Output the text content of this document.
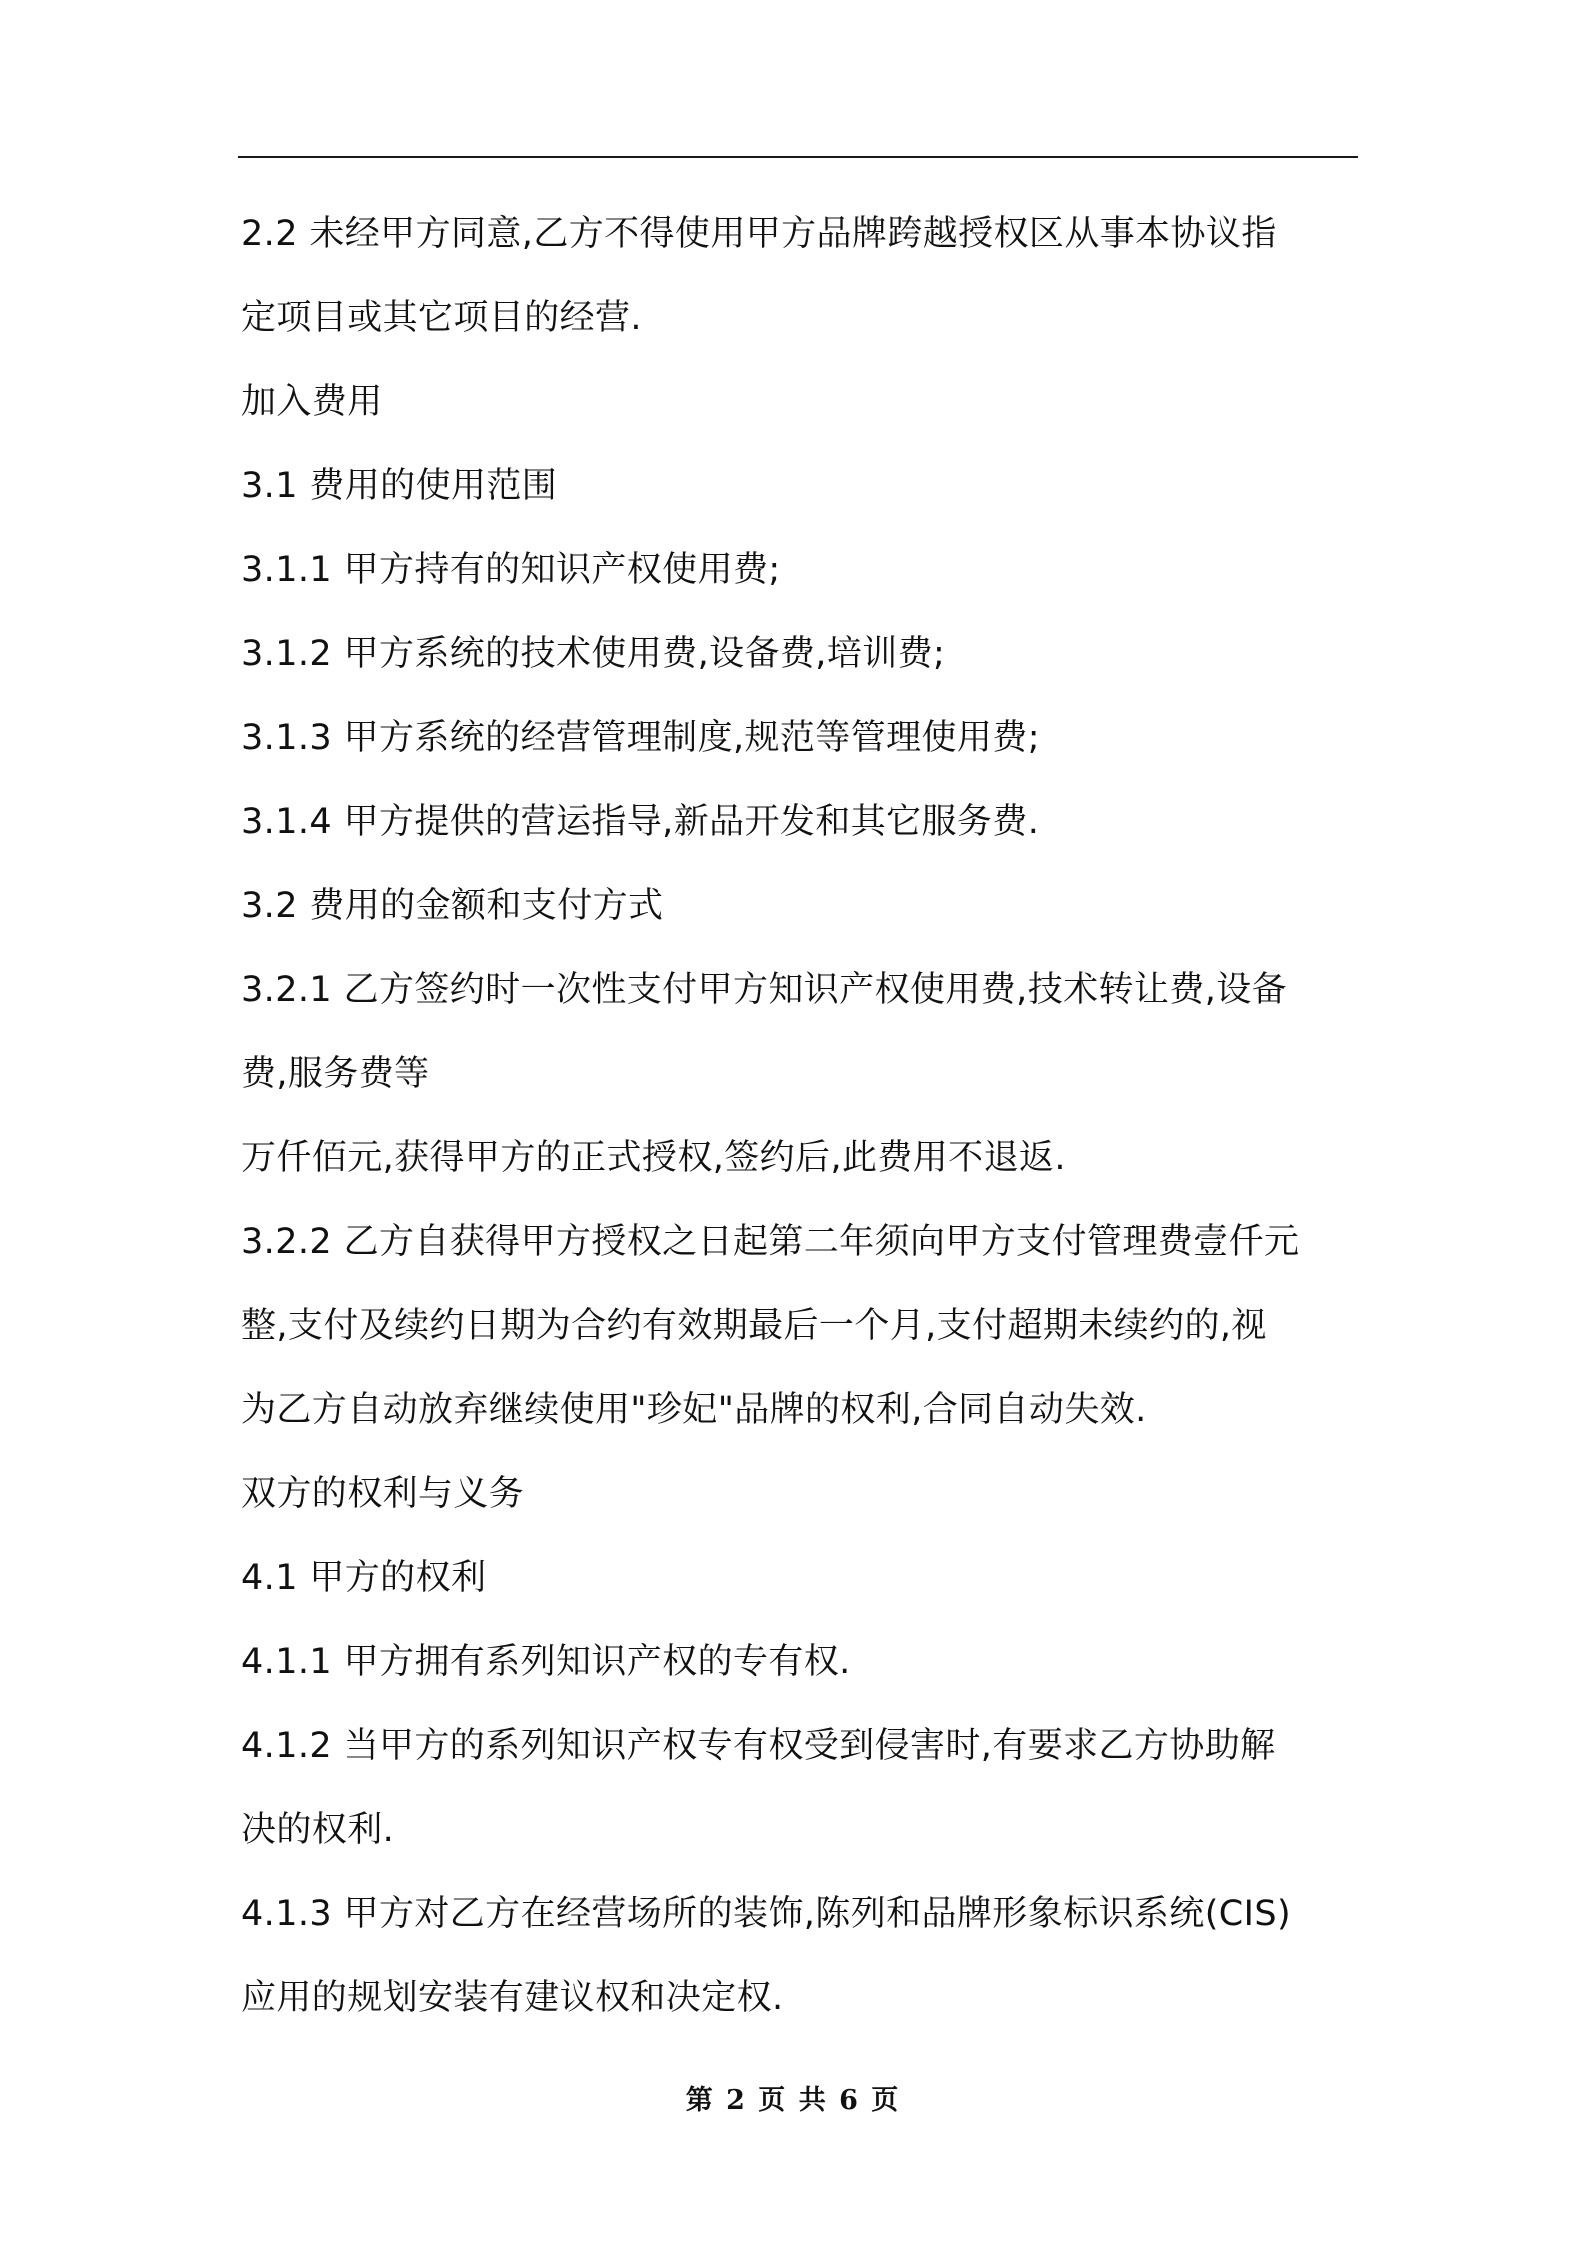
2.2 未经甲方同意,乙方不得使用甲方品牌跨越授权区从事本协议指
定项目或其它项目的经营.
加入费用
3.1 费用的使用范围
3.1.1 甲方持有的知识产权使用费;
3.1.2 甲方系统的技术使用费,设备费,培训费;
3.1.3 甲方系统的经营管理制度,规范等管理使用费;
3.1.4 甲方提供的营运指导,新品开发和其它服务费.
3.2 费用的金额和支付方式
3.2.1 乙方签约时一次性支付甲方知识产权使用费,技术转让费,设备
费,服务费等
万仟佰元,获得甲方的正式授权,签约后,此费用不退返.
3.2.2 乙方自获得甲方授权之日起第二年须向甲方支付管理费壹仟元
整,支付及续约日期为合约有效期最后一个月,支付超期未续约的,视
为乙方自动放弃继续使用"珍妃"品牌的权利,合同自动失效.
双方的权利与义务
4.1 甲方的权利
4.1.1 甲方拥有系列知识产权的专有权.
4.1.2 当甲方的系列知识产权专有权受到侵害时,有要求乙方协助解
决的权利.
4.1.3 甲方对乙方在经营场所的装饰,陈列和品牌形象标识系统(CIS)
应用的规划安装有建议权和决定权.
第 2 页 共 6 页
